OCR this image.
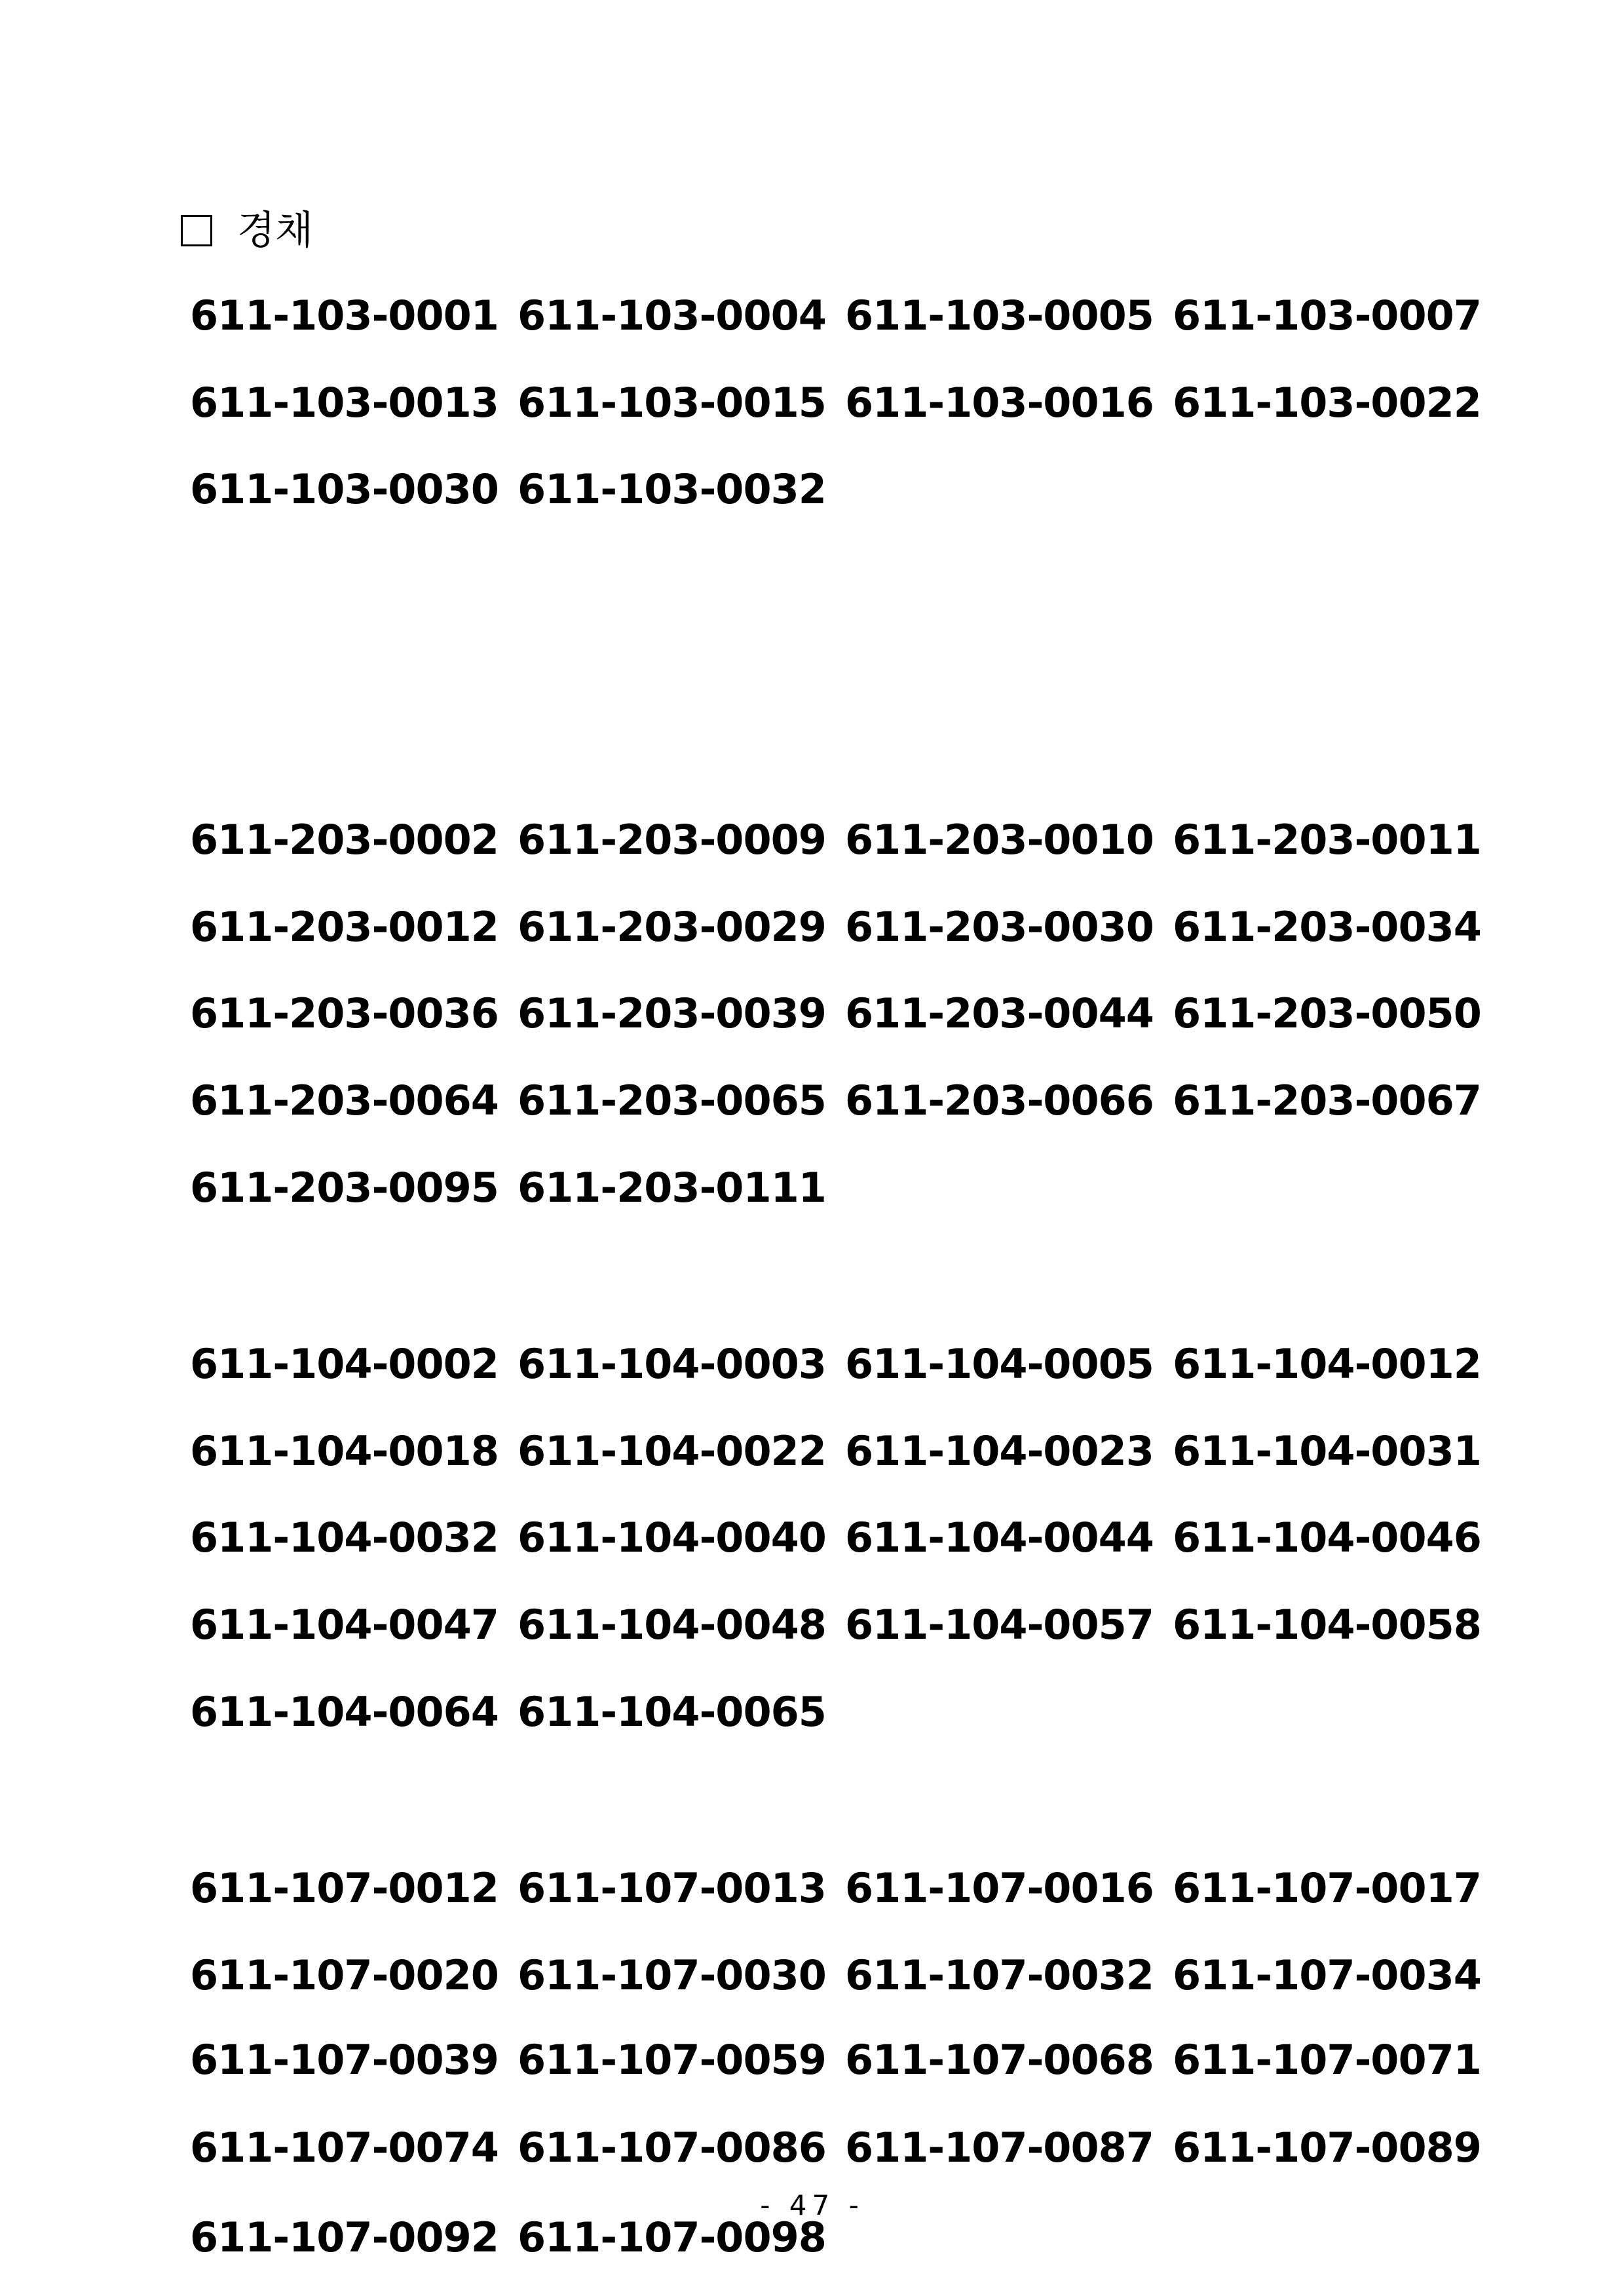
경채
611-103-0001 611-103-0004 611-103-0005 611-103-0007
611-103-0013 611-103-0015 611-103-0016 611-103-0022
611-103-0030 611-103-0032
611-203-0002 611-203-0009 611-203-0010 611-203-0011
611-203-0012 611-203-0029 611-203-0030 611-203-0034
611-203-0036 611-203-0039 611-203-0044 611-203-0050
611-203-0064 611-203-0065 611-203-0066 611-203-0067
611-203-0095 611-203-0111
611-104-0002 611-104-0003 611-104-0005 611-104-0012
611-104-0018 611-104-0022 611-104-0023 611-104-0031
611-104-0032 611-104-0040 611-104-0044 611-104-0046
611-104-0047 611-104-0048 611-104-0057 611-104-0058
611-104-0064 611-104-0065
611-107-0012 611-107-0013 611-107-0016 611-107-0017
611-107-0020 611-107-0030 611-107-0032 611-107-0034
611-107-0039 611-107-0059 611-107-0068 611-107-0071
611-107-0074 611-107-0086 611-107-0087 611-107-0089
611-107-0092 611-107-0098
- 47 -
